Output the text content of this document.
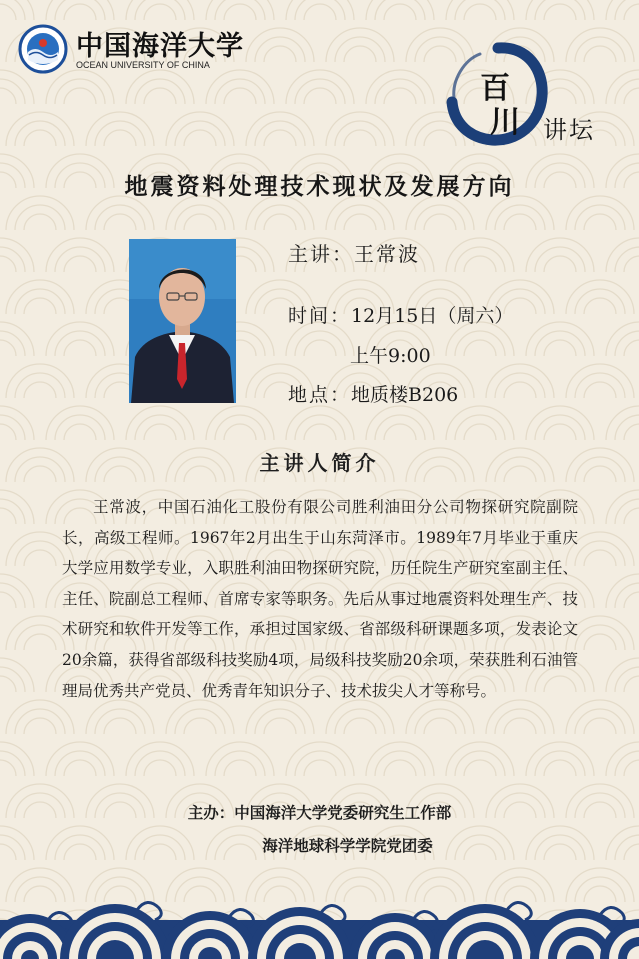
中国海洋大学
OCEAN UNIVERSITY OF CHINA
百
川 讲坛
地震资料处理技术现状及发展方向
主讲：王常波
时间：12月15日（周六）
上午9:00
地点：地质楼B206
主讲人简介

王常波，中国石油化工股份有限公司胜利油田分公司物探研究院副院长，高级工程师。1967年2月出生于山东菏泽市。1989年7月毕业于重庆大学应用数学专业，入职胜利油田物探研究院，历任院生产研究室副主任、主任、院副总工程师、首席专家等职务。先后从事过地震资料处理生产、技术研究和软件开发等工作，承担过国家级、省部级科研课题多项，发表论文20余篇，获得省部级科技奖励4项，局级科技奖励20余项，荣获胜利石油管理局优秀共产党员、优秀青年知识分子、技术拔尖人才等称号。

主办：中国海洋大学党委研究生工作部
海洋地球科学学院党团委
